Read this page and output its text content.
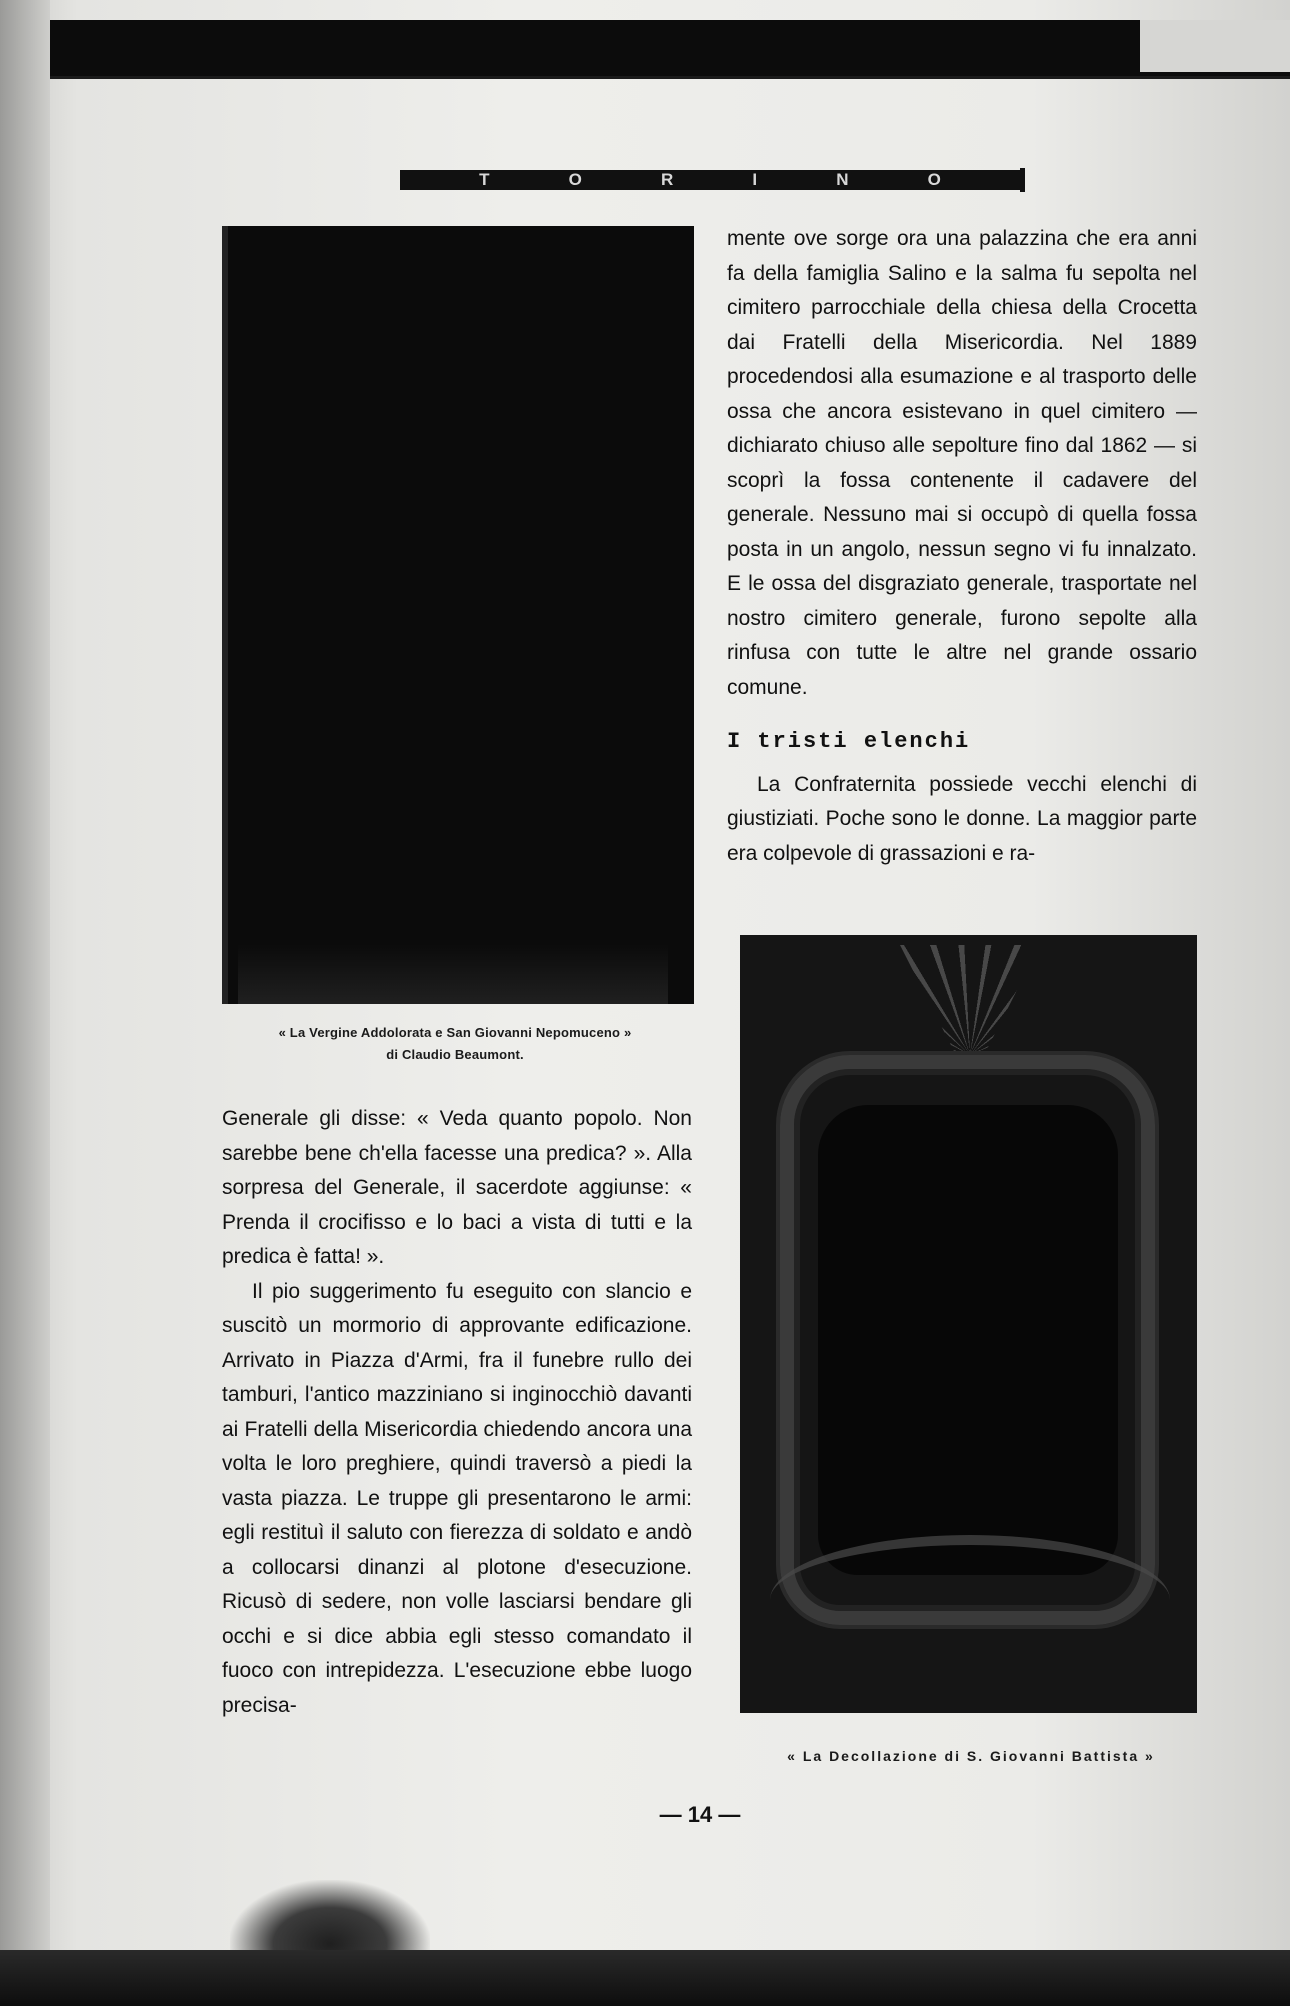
T	O	R	I	N	O
« La Vergine Addolorata e San Giovanni Nepomuceno »
di Claudio Beaumont.

mente ove sorge ora una palazzina che era anni fa della famiglia Salino e la salma fu sepolta nel cimitero parrocchiale della chiesa della Crocetta dai Fratelli della Misericordia. Nel 1889 procedendosi alla esumazione e al trasporto delle ossa che ancora esistevano in quel cimitero — dichiarato chiuso alle sepolture fino dal 1862 — si scoprì la fossa contenente il cadavere del generale. Nessuno mai si occupò di quella fossa posta in un angolo, nessun segno vi fu innalzato. E le ossa del disgraziato generale, trasportate nel nostro cimitero generale, furono sepolte alla rinfusa con tutte le altre nel grande ossario comune.

I tristi elenchi

La Confraternita possiede vecchi elenchi di giustiziati. Poche sono le donne. La maggior parte era colpevole di grassazioni e ra-

Generale gli disse: « Veda quanto popolo. Non sarebbe bene ch'ella facesse una predica? ». Alla sorpresa del Generale, il sacerdote aggiunse: « Prenda il crocifisso e lo baci a vista di tutti e la predica è fatta! ».

Il pio suggerimento fu eseguito con slancio e suscitò un mormorio di approvante edificazione. Arrivato in Piazza d'Armi, fra il funebre rullo dei tamburi, l'antico mazziniano si inginocchiò davanti ai Fratelli della Misericordia chiedendo ancora una volta le loro preghiere, quindi traversò a piedi la vasta piazza. Le truppe gli presentarono le armi: egli restituì il saluto con fierezza di soldato e andò a collocarsi dinanzi al plotone d'esecuzione. Ricusò di sedere, non volle lasciarsi bendare gli occhi e si dice abbia egli stesso comandato il fuoco con intrepidezza. L'esecuzione ebbe luogo precisa-

« La Decollazione di S. Giovanni Battista »
— 14 —
